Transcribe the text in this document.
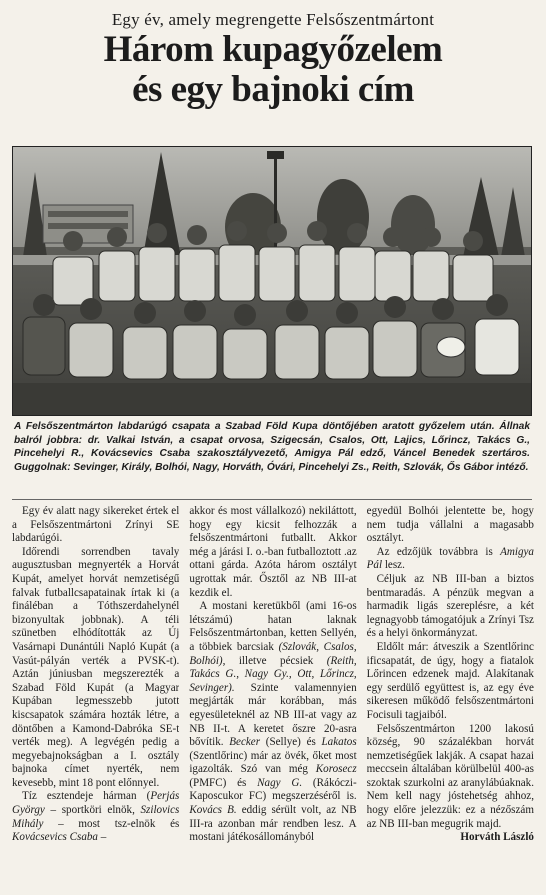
Egy év, amely megrengette Felsőszentmártont
Három kupagyőzelem
és egy bajnoki cím
A Felsőszentmárton labdarúgó csapata a Szabad Föld Kupa döntőjében aratott győzelem után. Állnak balról jobbra: dr. Valkai István, a csapat orvosa, Szigecsán, Csalos, Ott, Lajics, Lőrincz, Takács G., Pincehelyi R., Kovácsevics Csaba szakosztályvezető, Amigya Pál edző, Váncel Benedek szertáros. Guggolnak: Sevinger, Király, Bolhói, Nagy, Horváth, Óvári, Pincehelyi Zs., Reith, Szlovák, Ős Gábor intéző.

Egy év alatt nagy sikereket értek el a Felsőszentmártoni Zrínyi SE labdarúgói.

Időrendi sorrendben tavaly augusztusban megnyerték a Horvát Kupát, amelyet horvát nemzetiségű falvak futballcsapatainak írtak ki (a fináléban a Tóthszerdahelynél bizonyultak jobbnak). A téli szünetben elhódították az Új Vasárnapi Dunántúli Napló Kupát (a Vasút-pályán verték a PVSK-t). Aztán júniusban megszerezték a Szabad Föld Kupát (a Magyar Kupában legmesszebb jutott kiscsapatok számára hozták létre, a döntőben a Kamond-Dabróka SE-t verték meg). A legvégén pedig a megyebajnokságban a I. osztály bajnoka címet nyerték, nem kevesebb, mint 18 pont előnnyel.

Tíz esztendeje hárman (Perjás György – sportköri elnök, Szilovics Mihály – most tsz-elnök és Kovácsevics Csaba –

akkor és most vállalkozó) nekiláttott, hogy egy kicsit felhozzák a felsőszentmártoni futballt. Akkor még a járási I. o.-ban futballoztott .az ottani gárda. Azóta három osztályt ugrottak már. Ősztől az NB III-at kezdik el.

A mostani keretükből (ami 16-os létszámú) hatan laknak Felsőszentmártonban, ketten Sellyén, a többiek barcsiak (Szlovák, Csalos, Bolhói), illetve pécsiek (Reith, Takács G., Nagy Gy., Ott, Lőrincz, Sevinger). Szinte valamennyien megjárták már korábban, más egyesületeknél az NB III-at vagy az NB II-t. A keretet őszre 20-asra bővítik. Becker (Sellye) és Lakatos (Szentlőrinc) már az övék, őket most igazolták. Szó van még Korosecz (PMFC) és Nagy G. (Rákóczi-Kaposcukor FC) megszerzéséről is. Kovács B. eddig sérült volt, az NB III-ra azonban már rendben lesz. A mostani játékosállományból

egyedül Bolhói jelentette be, hogy nem tudja vállalni a magasabb osztályt.

Az edzőjük továbbra is Amigya Pál lesz.

Céljuk az NB III-ban a biztos bentmaradás. A pénzük megvan a harmadik ligás szereplésre, a két legnagyobb támogatójuk a Zrínyi Tsz és a helyi önkormányzat.

Eldőlt már: átveszik a Szentlőrinc ificsapatát, de úgy, hogy a fiatalok Lőrincen edzenek majd. Alakítanak egy serdülő együttest is, az egy éve sikeresen működő felsőszentmártoni Focisuli tagjaiból.

Felsőszentmárton 1200 lakosú község, 90 százalékban horvát nemzetiségűek lakják. A csapat hazai meccsein általában körülbelül 400-as szoktak szurkolni az aranylábúaknak. Nem kell nagy jóstehetség ahhoz, hogy előre jelezzük: ez a nézőszám az NB III-ban megugrik majd.

Horváth László
